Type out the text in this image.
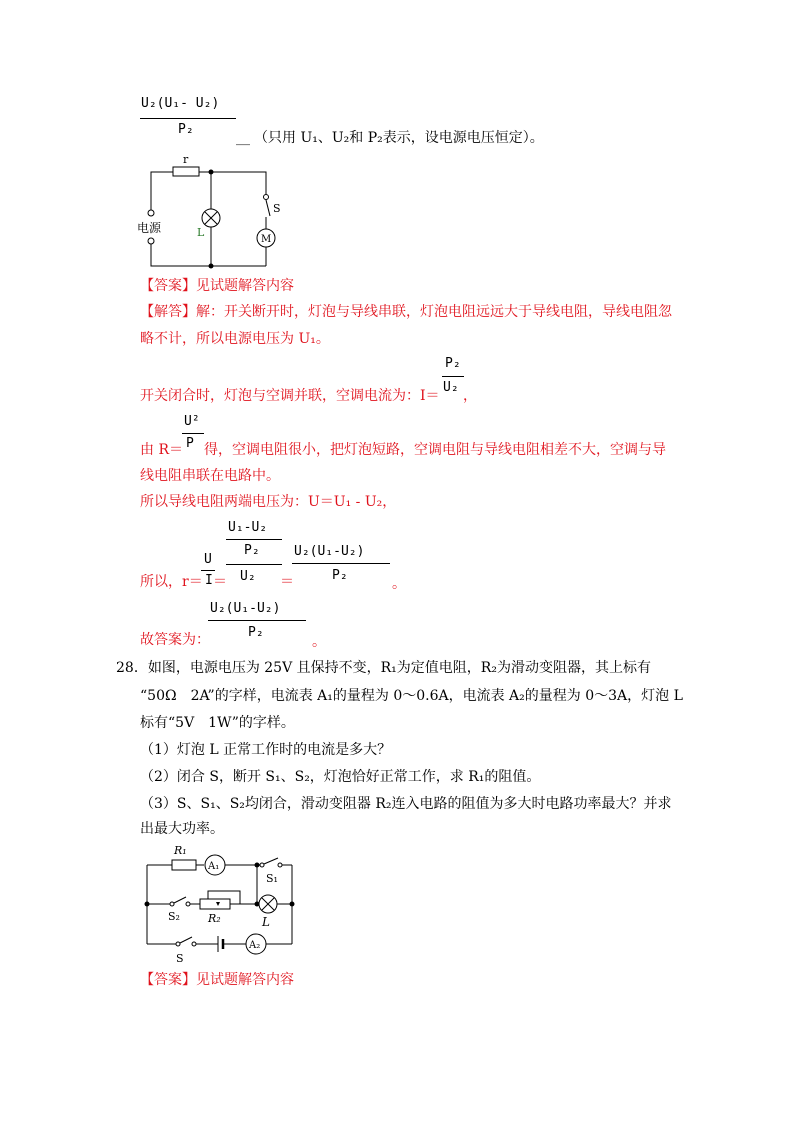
U₂(U₁- U₂)
P₂
__ （只用 U₁、U₂和 P₂表示，设电源电压恒定）。
r
电源	L
S
M
【答案】见试题解答内容
【解答】解：开关断开时，灯泡与导线串联，灯泡电阻远远大于导线电阻，导线电阻忽
略不计，所以电源电压为 U₁。
开关闭合时，灯泡与空调并联，空调电流为：I＝
P₂
U₂
，
U²
P
由 R＝ 得，空调电阻很小，把灯泡短路，空调电阻与导线电阻相差不大，空调与导
线电阻串联在电路中。
所以导线电阻两端电压为：U＝U₁ - U₂，
所以，r＝
U
I ＝
U₁-U₂
P₂
U₂ ＝
U₂(U₁-U₂)
P₂
。
U₂(U₁-U₂)
P₂
故答案为：	。
28．如图，电源电压为 25V 且保持不变，R₁为定值电阻，R₂为滑动变阻器，其上标有
“50Ω　2A”的字样，电流表 A₁的量程为 0～0.6A，电流表 A₂的量程为 0～3A，灯泡 L
标有“5V　1W”的字样。
（1）灯泡 L 正常工作时的电流是多大？
（2）闭合 S，断开 S₁、S₂，灯泡恰好正常工作，求 R₁的阻值。
（3）S、S₁、S₂均闭合，滑动变阻器 R₂连入电路的阻值为多大时电路功率最大？并求
出最大功率。
R₁
A₁
S₁
S₂	R₂	L
S
A₂
【答案】见试题解答内容
